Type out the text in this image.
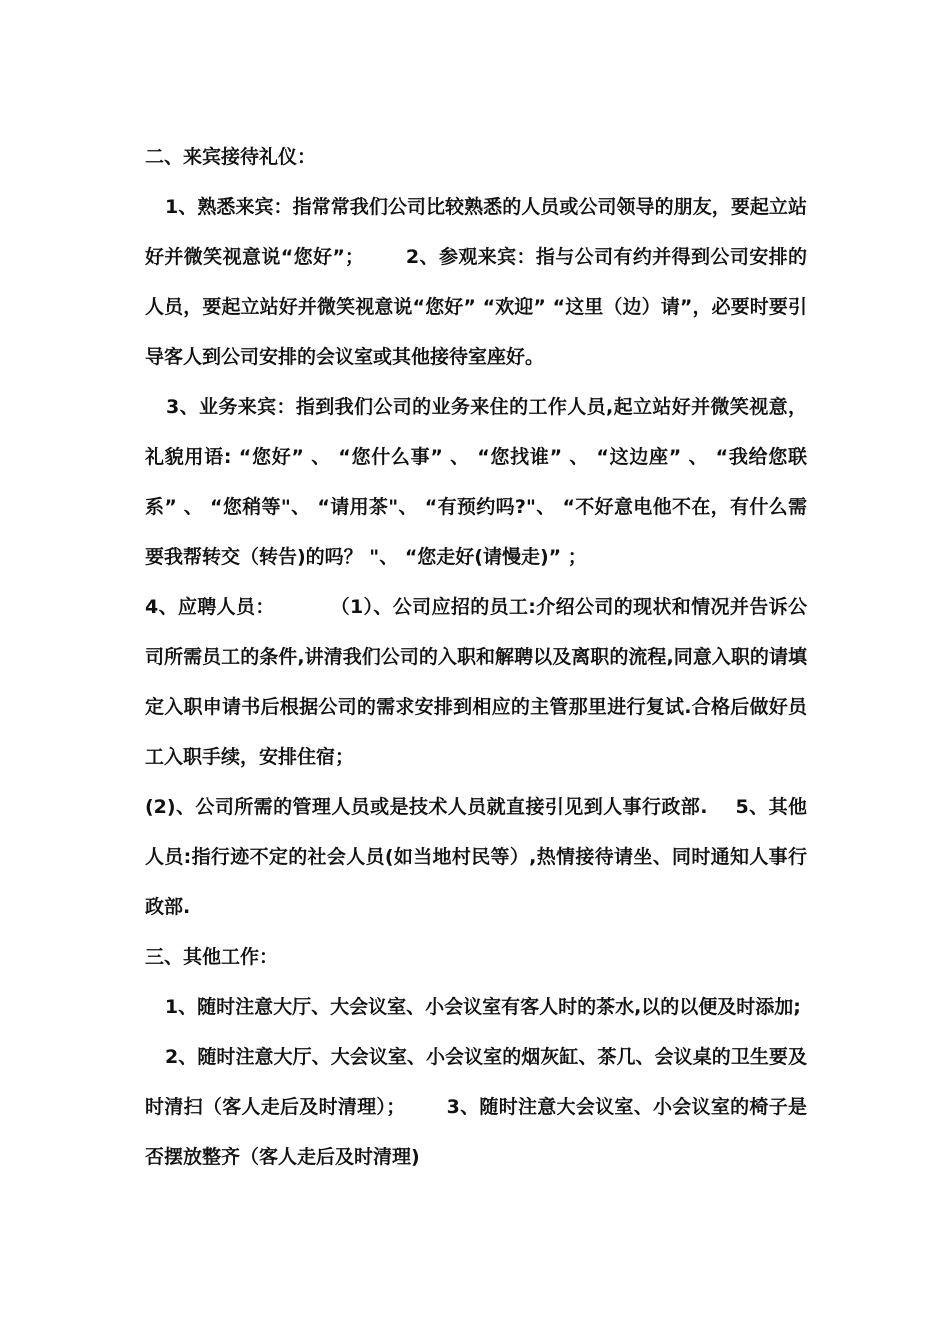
二、来宾接待礼仪：

1、熟悉来宾：指常常我们公司比较熟悉的人员或公司领导的朋友，要起立站好并微笑视意说“您好”；      2、参观来宾：指与公司有约并得到公司安排的人员，要起立站好并微笑视意说“您好” “欢迎” “这里（边）请”，必要时要引导客人到公司安排的会议室或其他接待室座好。

3、业务来宾：指到我们公司的业务来住的工作人员,起立站好并微笑视意，礼貌用语: “您好” 、 “您什么事” 、 “您找谁” 、 “这边座” 、 “我给您联系” 、 “您稍等"、 “请用茶"、 “有预约吗?"、 “不好意电他不在，有什么需要我帮转交（转告)的吗？ "、 “您走好(请慢走)” ；

4、应聘人员：        （1）、公司应招的员工:介绍公司的现状和情况并告诉公司所需员工的条件,讲清我们公司的入职和解聘以及离职的流程,同意入职的请填定入职申请书后根据公司的需求安排到相应的主管那里进行复试.合格后做好员工入职手续，安排住宿；

(2)、公司所需的管理人员或是技术人员就直接引见到人事行政部.    5、其他人员:指行迹不定的社会人员(如当地村民等）,热情接待请坐、同时通知人事行政部.

三、其他工作：

1、随时注意大厅、大会议室、小会议室有客人时的茶水,以的以便及时添加;

2、随时注意大厅、大会议室、小会议室的烟灰缸、茶几、会议桌的卫生要及时清扫（客人走后及时清理）；      3、随时注意大会议室、小会议室的椅子是否摆放整齐（客人走后及时清理)
